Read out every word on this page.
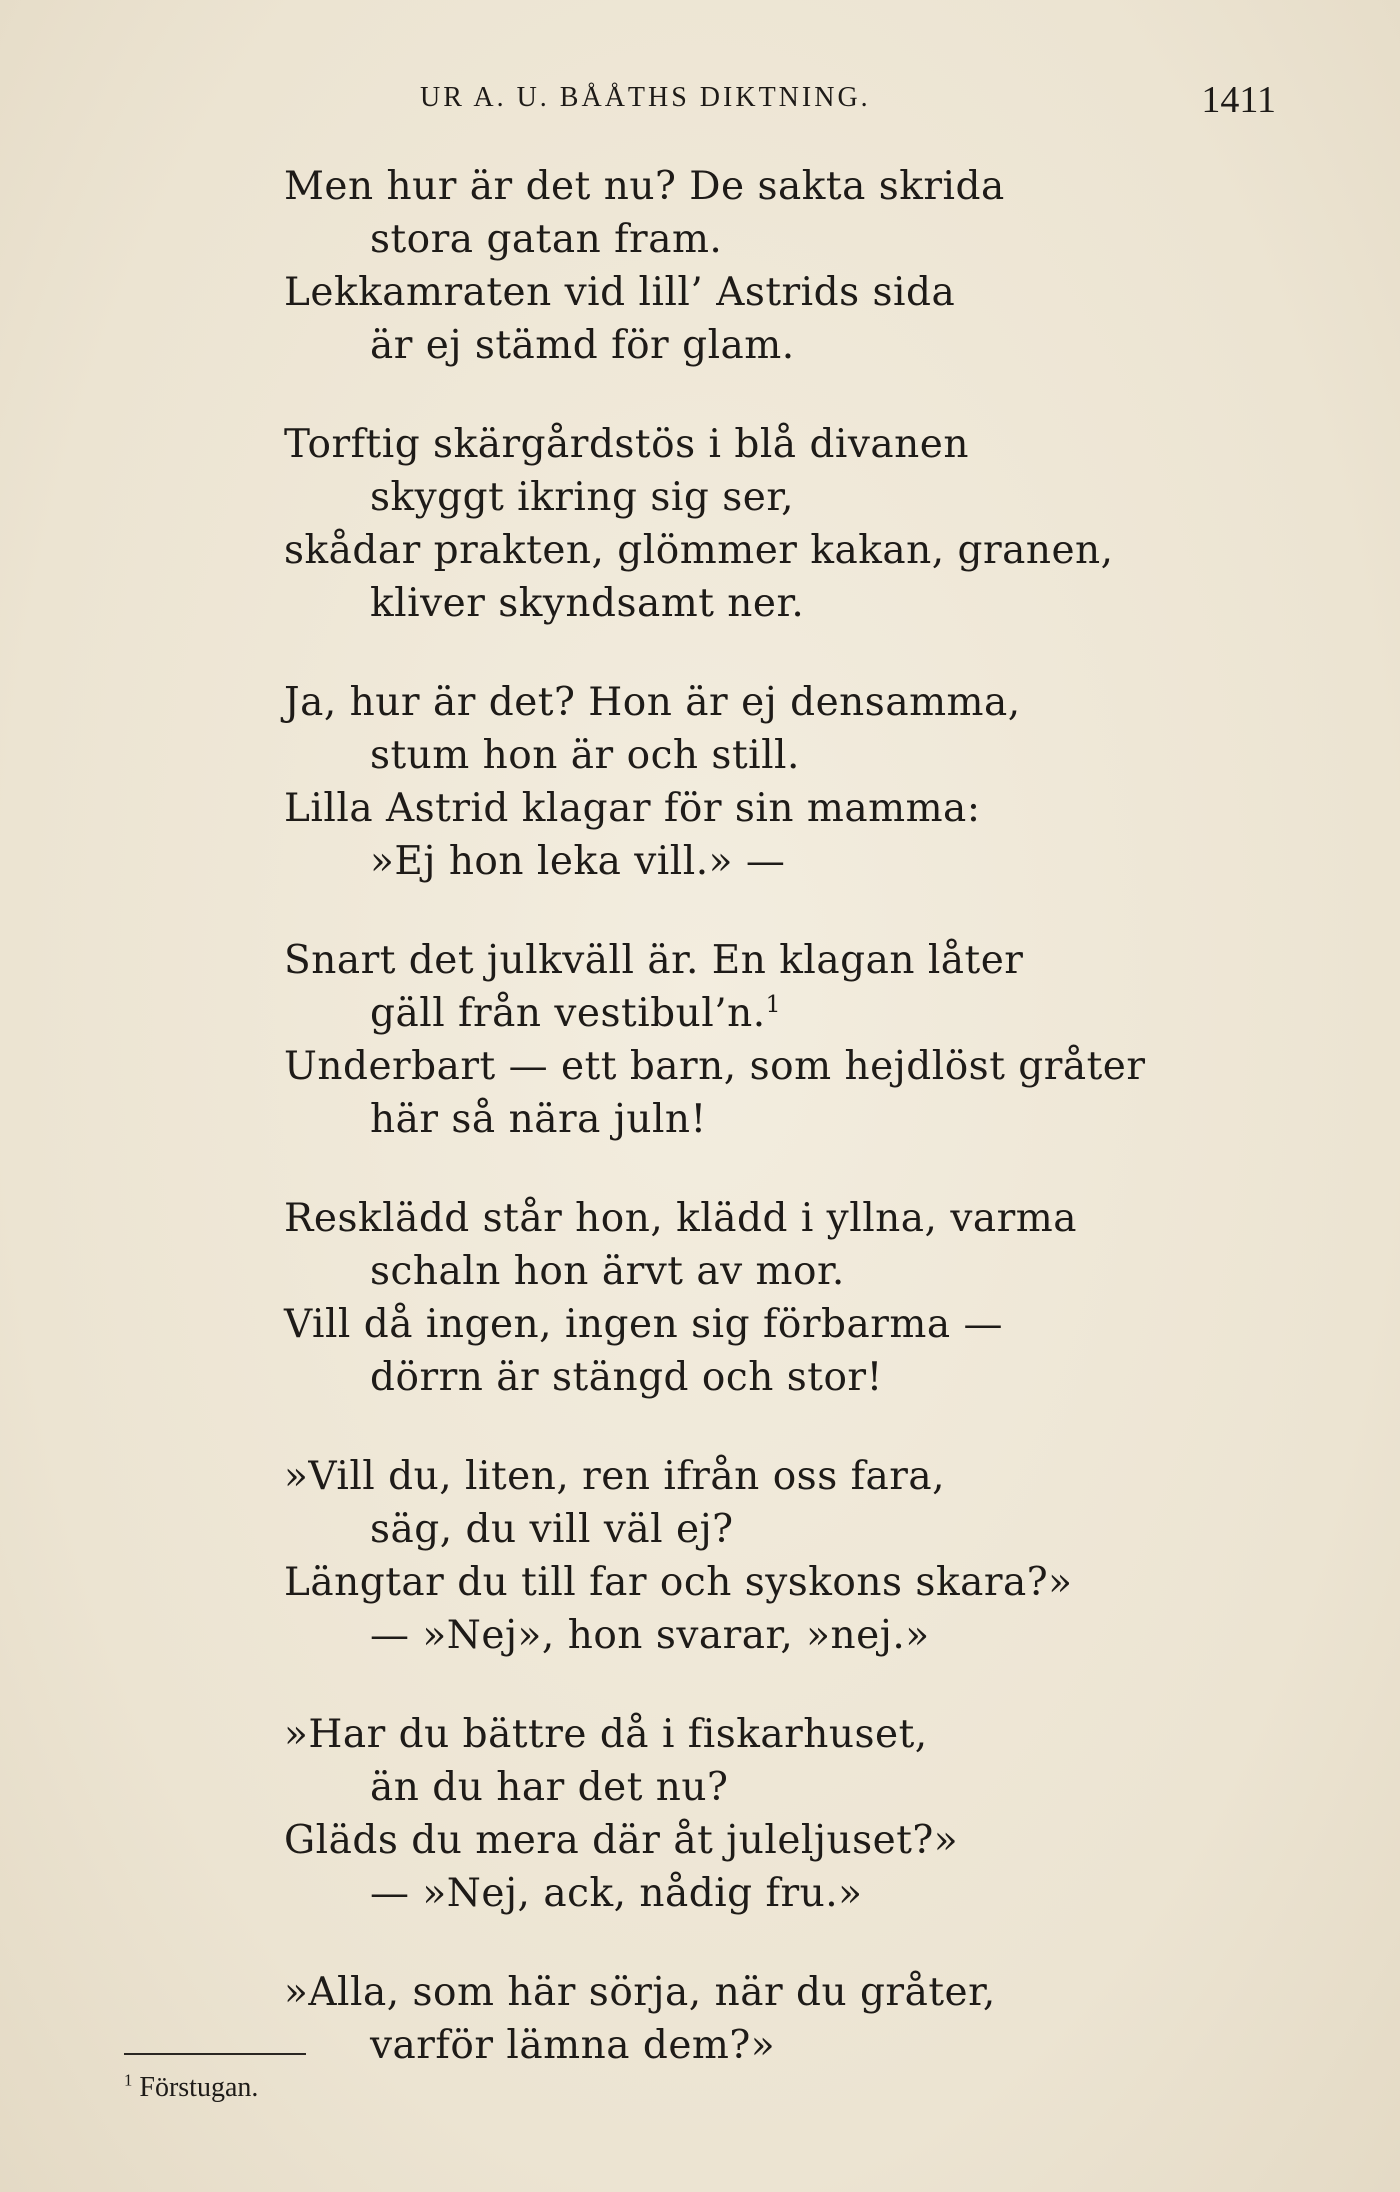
UR A. U. BÅÅTHS DIKTNING.	1411
Men hur är det nu? De sakta skrida
stora gatan fram.
Lekkamraten vid lill’ Astrids sida
är ej stämd för glam.
Torftig skärgårdstös i blå divanen
skyggt ikring sig ser,
skådar prakten, glömmer kakan, granen,
kliver skyndsamt ner.
Ja, hur är det? Hon är ej densamma,
stum hon är och still.
Lilla Astrid klagar för sin mamma:
»Ej hon leka vill.» —
Snart det julkväll är. En klagan låter
gäll från vestibul’n.$^1$
Underbart — ett barn, som hejdlöst gråter
här så nära juln!
Resklädd står hon, klädd i yllna, varma
schaln hon ärvt av mor.
Vill då ingen, ingen sig förbarma —
dörrn är stängd och stor!
»Vill du, liten, ren ifrån oss fara,
säg, du vill väl ej?
Längtar du till far och syskons skara?»
— »Nej», hon svarar, »nej.»
»Har du bättre då i fiskarhuset,
än du har det nu?
Gläds du mera där åt juleljuset?»
— »Nej, ack, nådig fru.»
»Alla, som här sörja, när du gråter,
varför lämna dem?»
$^1$ Förstugan.
